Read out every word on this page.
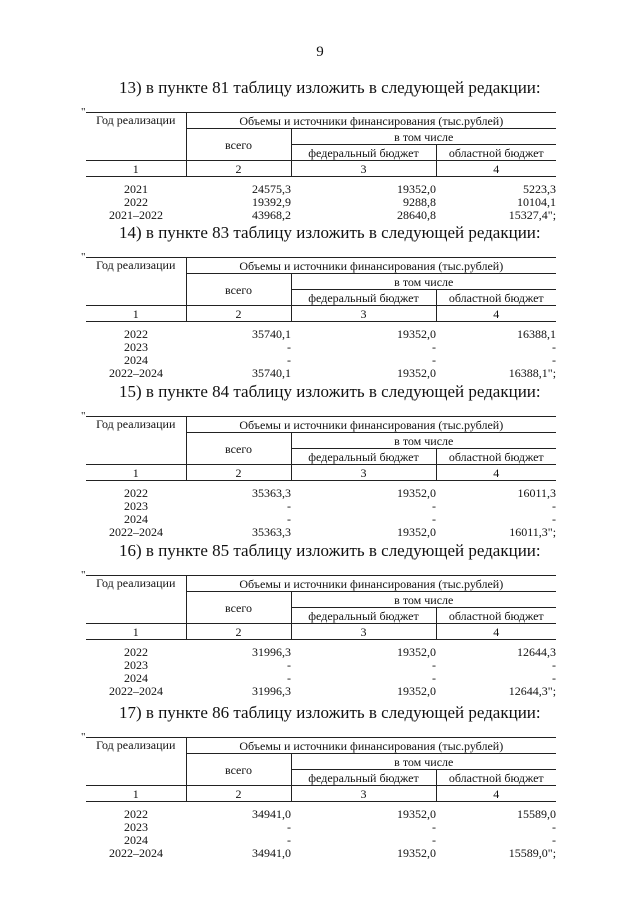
9
13) в пункте 81 таблицу изложить в следующей редакции:
"
Год реализации	Объемы и источники финансирования (тыс.рублей)		
	всего	в том числе	
		федеральный бюджет	областной бюджет
1	2	3	4
2021	24575,3	19352,0	5223,3
2022	19392,9	9288,8	10104,1
2021–2022	43968,2	28640,8	15327,4";
14) в пункте 83 таблицу изложить в следующей редакции:
"
Год реализации	Объемы и источники финансирования (тыс.рублей)		
	всего	в том числе	
		федеральный бюджет	областной бюджет
1	2	3	4
2022	35740,1	19352,0	16388,1
2023	-	-	-
2024	-	-	-
2022–2024	35740,1	19352,0	16388,1";
15) в пункте 84 таблицу изложить в следующей редакции:
"
Год реализации	Объемы и источники финансирования (тыс.рублей)		
	всего	в том числе	
		федеральный бюджет	областной бюджет
1	2	3	4
2022	35363,3	19352,0	16011,3
2023	-	-	-
2024	-	-	-
2022–2024	35363,3	19352,0	16011,3";
16) в пункте 85 таблицу изложить в следующей редакции:
"
Год реализации	Объемы и источники финансирования (тыс.рублей)		
	всего	в том числе	
		федеральный бюджет	областной бюджет
1	2	3	4
2022	31996,3	19352,0	12644,3
2023	-	-	-
2024	-	-	-
2022–2024	31996,3	19352,0	12644,3";
17) в пункте 86 таблицу изложить в следующей редакции:
"
Год реализации	Объемы и источники финансирования (тыс.рублей)		
	всего	в том числе	
		федеральный бюджет	областной бюджет
1	2	3	4
2022	34941,0	19352,0	15589,0
2023	-	-	-
2024	-	-	-
2022–2024	34941,0	19352,0	15589,0";
